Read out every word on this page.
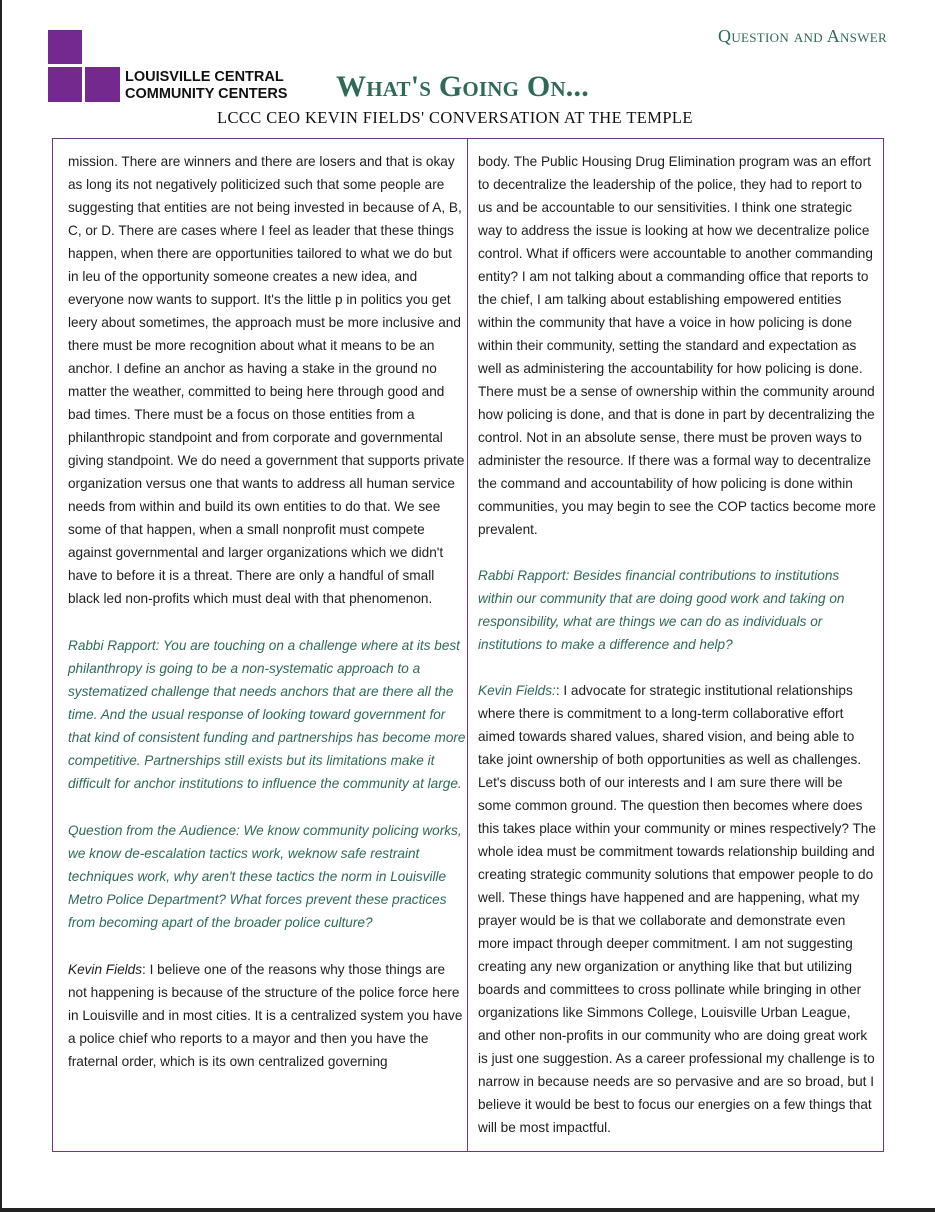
Question and Answer
LOUISVILLE CENTRAL COMMUNITY CENTERS	What's Going On...
LCCC CEO KEVIN FIELDS' CONVERSATION AT THE TEMPLE

mission. There are winners and there are losers and that is okay as long its not negatively politicized such that some people are suggesting that entities are not being invested in because of A, B, C, or D. There are cases where I feel as leader that these things happen, when there are opportunities tailored to what we do but in leu of the opportunity someone creates a new idea, and everyone now wants to support. It's the little p in politics you get leery about sometimes, the approach must be more inclusive and there must be more recognition about what it means to be an anchor. I define an anchor as having a stake in the ground no matter the weather, committed to being here through good and bad times. There must be a focus on those entities from a philanthropic standpoint and from corporate and governmental giving standpoint. We do need a government that supports private organization versus one that wants to address all human service needs from within and build its own entities to do that. We see some of that happen, when a small nonprofit must compete against governmental and larger organizations which we didn't have to before it is a threat. There are only a handful of small black led non-profits which must deal with that phenomenon.

Rabbi Rapport: You are touching on a challenge where at its best philanthropy is going to be a non-systematic approach to a systematized challenge that needs anchors that are there all the time. And the usual response of looking toward government for that kind of consistent funding and partnerships has become more competitive. Partnerships still exists but its limitations make it difficult for anchor institutions to influence the community at large.

Question from the Audience: We know community policing works, we know de-escalation tactics work, weknow safe restraint techniques work, why aren't these tactics the norm in Louisville Metro Police Department? What forces prevent these practices from becoming apart of the broader police culture?

Kevin Fields: I believe one of the reasons why those things are not happening is because of the structure of the police force here in Louisville and in most cities. It is a centralized system you have a police chief who reports to a mayor and then you have the fraternal order, which is its own centralized governing

body. The Public Housing Drug Elimination program was an effort to decentralize the leadership of the police, they had to report to us and be accountable to our sensitivities. I think one strategic way to address the issue is looking at how we decentralize police control. What if officers were accountable to another commanding entity? I am not talking about a commanding office that reports to the chief, I am talking about establishing empowered entities within the community that have a voice in how policing is done within their community, setting the standard and expectation as well as administering the accountability for how policing is done. There must be a sense of ownership within the community around how policing is done, and that is done in part by decentralizing the control. Not in an absolute sense, there must be proven ways to administer the resource. If there was a formal way to decentralize the command and accountability of how policing is done within communities, you may begin to see the COP tactics become more prevalent.

Rabbi Rapport: Besides financial contributions to institutions within our community that are doing good work and taking on responsibility, what are things we can do as individuals or institutions to make a difference and help?

Kevin Fields:: I advocate for strategic institutional relationships where there is commitment to a long-term collaborative effort aimed towards shared values, shared vision, and being able to take joint ownership of both opportunities as well as challenges. Let's discuss both of our interests and I am sure there will be some common ground. The question then becomes where does this takes place within your community or mines respectively? The whole idea must be commitment towards relationship building and creating strategic community solutions that empower people to do well. These things have happened and are happening, what my prayer would be is that we collaborate and demonstrate even more impact through deeper commitment. I am not suggesting creating any new organization or anything like that but utilizing boards and committees to cross pollinate while bringing in other organizations like Simmons College, Louisville Urban League, and other non-profits in our community who are doing great work is just one suggestion. As a career professional my challenge is to narrow in because needs are so pervasive and are so broad, but I believe it would be best to focus our energies on a few things that will be most impactful.
